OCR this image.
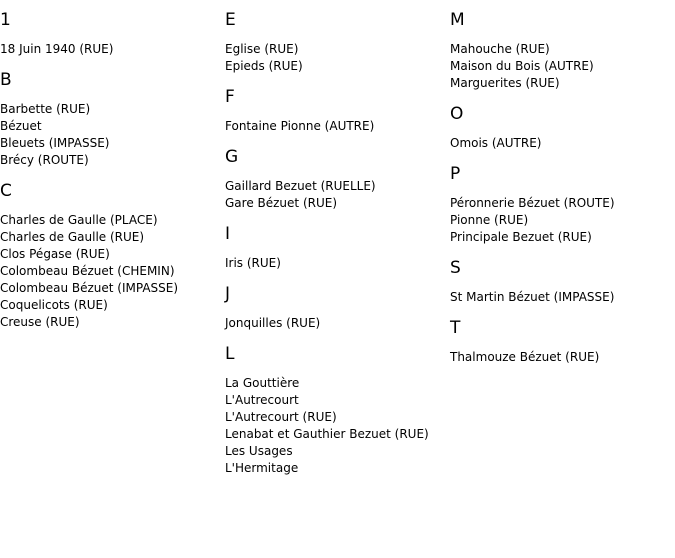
1
18 Juin 1940 (RUE)
B
Barbette (RUE)
Bézuet
Bleuets (IMPASSE)
Brécy (ROUTE)
C
Charles de Gaulle (PLACE)
Charles de Gaulle (RUE)
Clos Pégase (RUE)
Colombeau Bézuet (CHEMIN)
Colombeau Bézuet (IMPASSE)
Coquelicots (RUE)
Creuse (RUE)
E
Eglise (RUE)
Epieds (RUE)
F
Fontaine Pionne (AUTRE)
G
Gaillard Bezuet (RUELLE)
Gare Bézuet (RUE)
I
Iris (RUE)
J
Jonquilles (RUE)
L
La Gouttière
L'Autrecourt
L'Autrecourt (RUE)
Lenabat et Gauthier Bezuet (RUE)
Les Usages
L'Hermitage
M
Mahouche (RUE)
Maison du Bois (AUTRE)
Marguerites (RUE)
O
Omois (AUTRE)
P
Péronnerie Bézuet (ROUTE)
Pionne (RUE)
Principale Bezuet (RUE)
S
St Martin Bézuet (IMPASSE)
T
Thalmouze Bézuet (RUE)
